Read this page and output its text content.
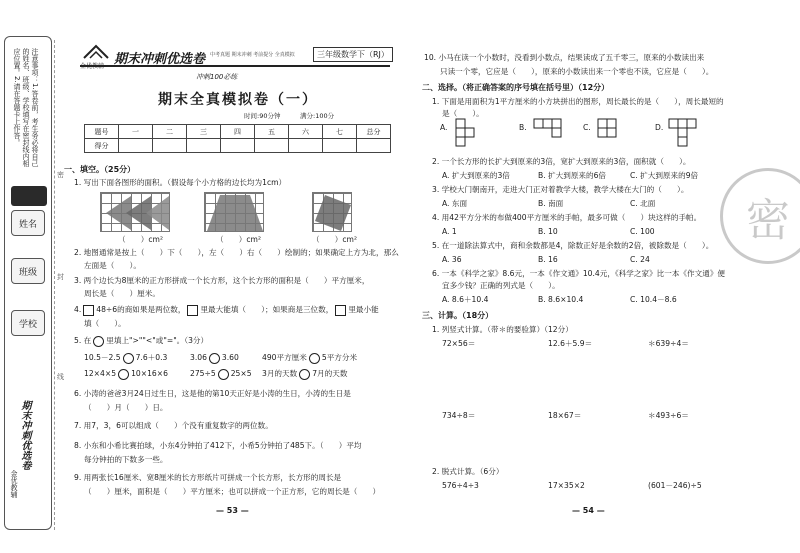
注意事项：1.答卷前，考生务必将自己的姓名、班级、学校填写在密封线内相应位置。2.请在答题卡上作答。
姓名
班级
学校
期末冲刺优选卷
金优教辅
密
封
线
金优教辅 期末冲刺优选卷 中考真题 期末冲刺 考前提分 全真模拟	三年级数学下（RJ）
冲刺100必练
期末全真模拟卷（一）
时间:90分钟	满分:100分
题号	一	二	三	四	五	六	七	总分
得分								
一、填空。（25分）
1. 写出下面各图形的面积。（假设每个小方格的边长均为1cm）
（　　）cm²	（　　）cm²	（　　）cm²
2. 地图通常是按上（　　）下（　　），左（　　）右（　　）绘制的；如果确定上方为北，那么
左面是（　　）。
3. 两个边长为8厘米的正方形拼成一个长方形，这个长方形的面积是（　　）平方厘米，
周长是（　　）厘米。
4. 48÷6的商如果是两位数， 里最大能填（　　）；如果商是三位数， 里最小能
填（　　）。
5. 在 里填上">""<"或"="。（3分）
10.5－2.5 7.6＋0.3	3.06 3.60	490平方厘米 5平方分米
12×4×5 10×16×6	275÷5 25×5 3月的天数 7月的天数
6. 小涛的爸爸3月24日过生日，这是他的第10天正好是小涛的生日，小涛的生日是
（　　）月（　　）日。
7. 用7，3，6可以组成（　　）个没有重复数字的两位数。
8. 小东和小希比赛拍球，小东4分钟拍了412下，小希5分钟拍了485下。（　　）平均
每分钟拍的下数多一些。
9. 用两张长16厘米、宽8厘米的长方形纸片可拼成一个长方形，长方形的周长是
（　　）厘米，面积是（　　）平方厘米；也可以拼成一个正方形，它的周长是（　　）
— 53 —
10. 小马在读一个小数时，没看到小数点，结果读成了五千零三，原来的小数读出来
只读一个零，它应是（　　），原来的小数读出来一个零也不读，它应是（　　）。
二、选择。（将正确答案的序号填在括号里）（12分）
1. 下面是用面积为1平方厘米的小方块拼出的图形，周长最长的是（　　），周长最短的
是（　　）。
A.	B.	C.	D.
2. 一个长方形的长扩大到原来的3倍，宽扩大到原来的3倍，面积就（　　）。
A. 扩大到原来的3倍	B. 扩大到原来的6倍	C. 扩大到原来的9倍
3. 学校大门朝南开，走进大门正对着教学大楼，教学大楼在大门的（　　）。
A. 东面	B. 南面	C. 北面
4. 用42平方分米的布做400平方厘米的手帕，最多可做（　　）块这样的手帕。
A. 1	B. 10	C. 100
5. 在一道除法算式中，商和余数都是4，除数正好是余数的2倍，被除数是（　　）。
A. 36	B. 16	C. 24
6. 一本《科学之家》8.6元，一本《作文通》10.4元，《科学之家》比一本《作文通》便
宜多少钱？正确的列式是（　　）。
A. 8.6＋10.4	B. 8.6×10.4	C. 10.4－8.6
三、计算。（18分）
1. 列竖式计算。（带＊的要验算）（12分）
72×56＝	12.6＋5.9＝	＊639÷4＝
734÷8＝	18×67＝	＊493÷6＝
2. 脱式计算。（6分）
576÷4÷3	17×35×2	(601－246)÷5
密
— 54 —
